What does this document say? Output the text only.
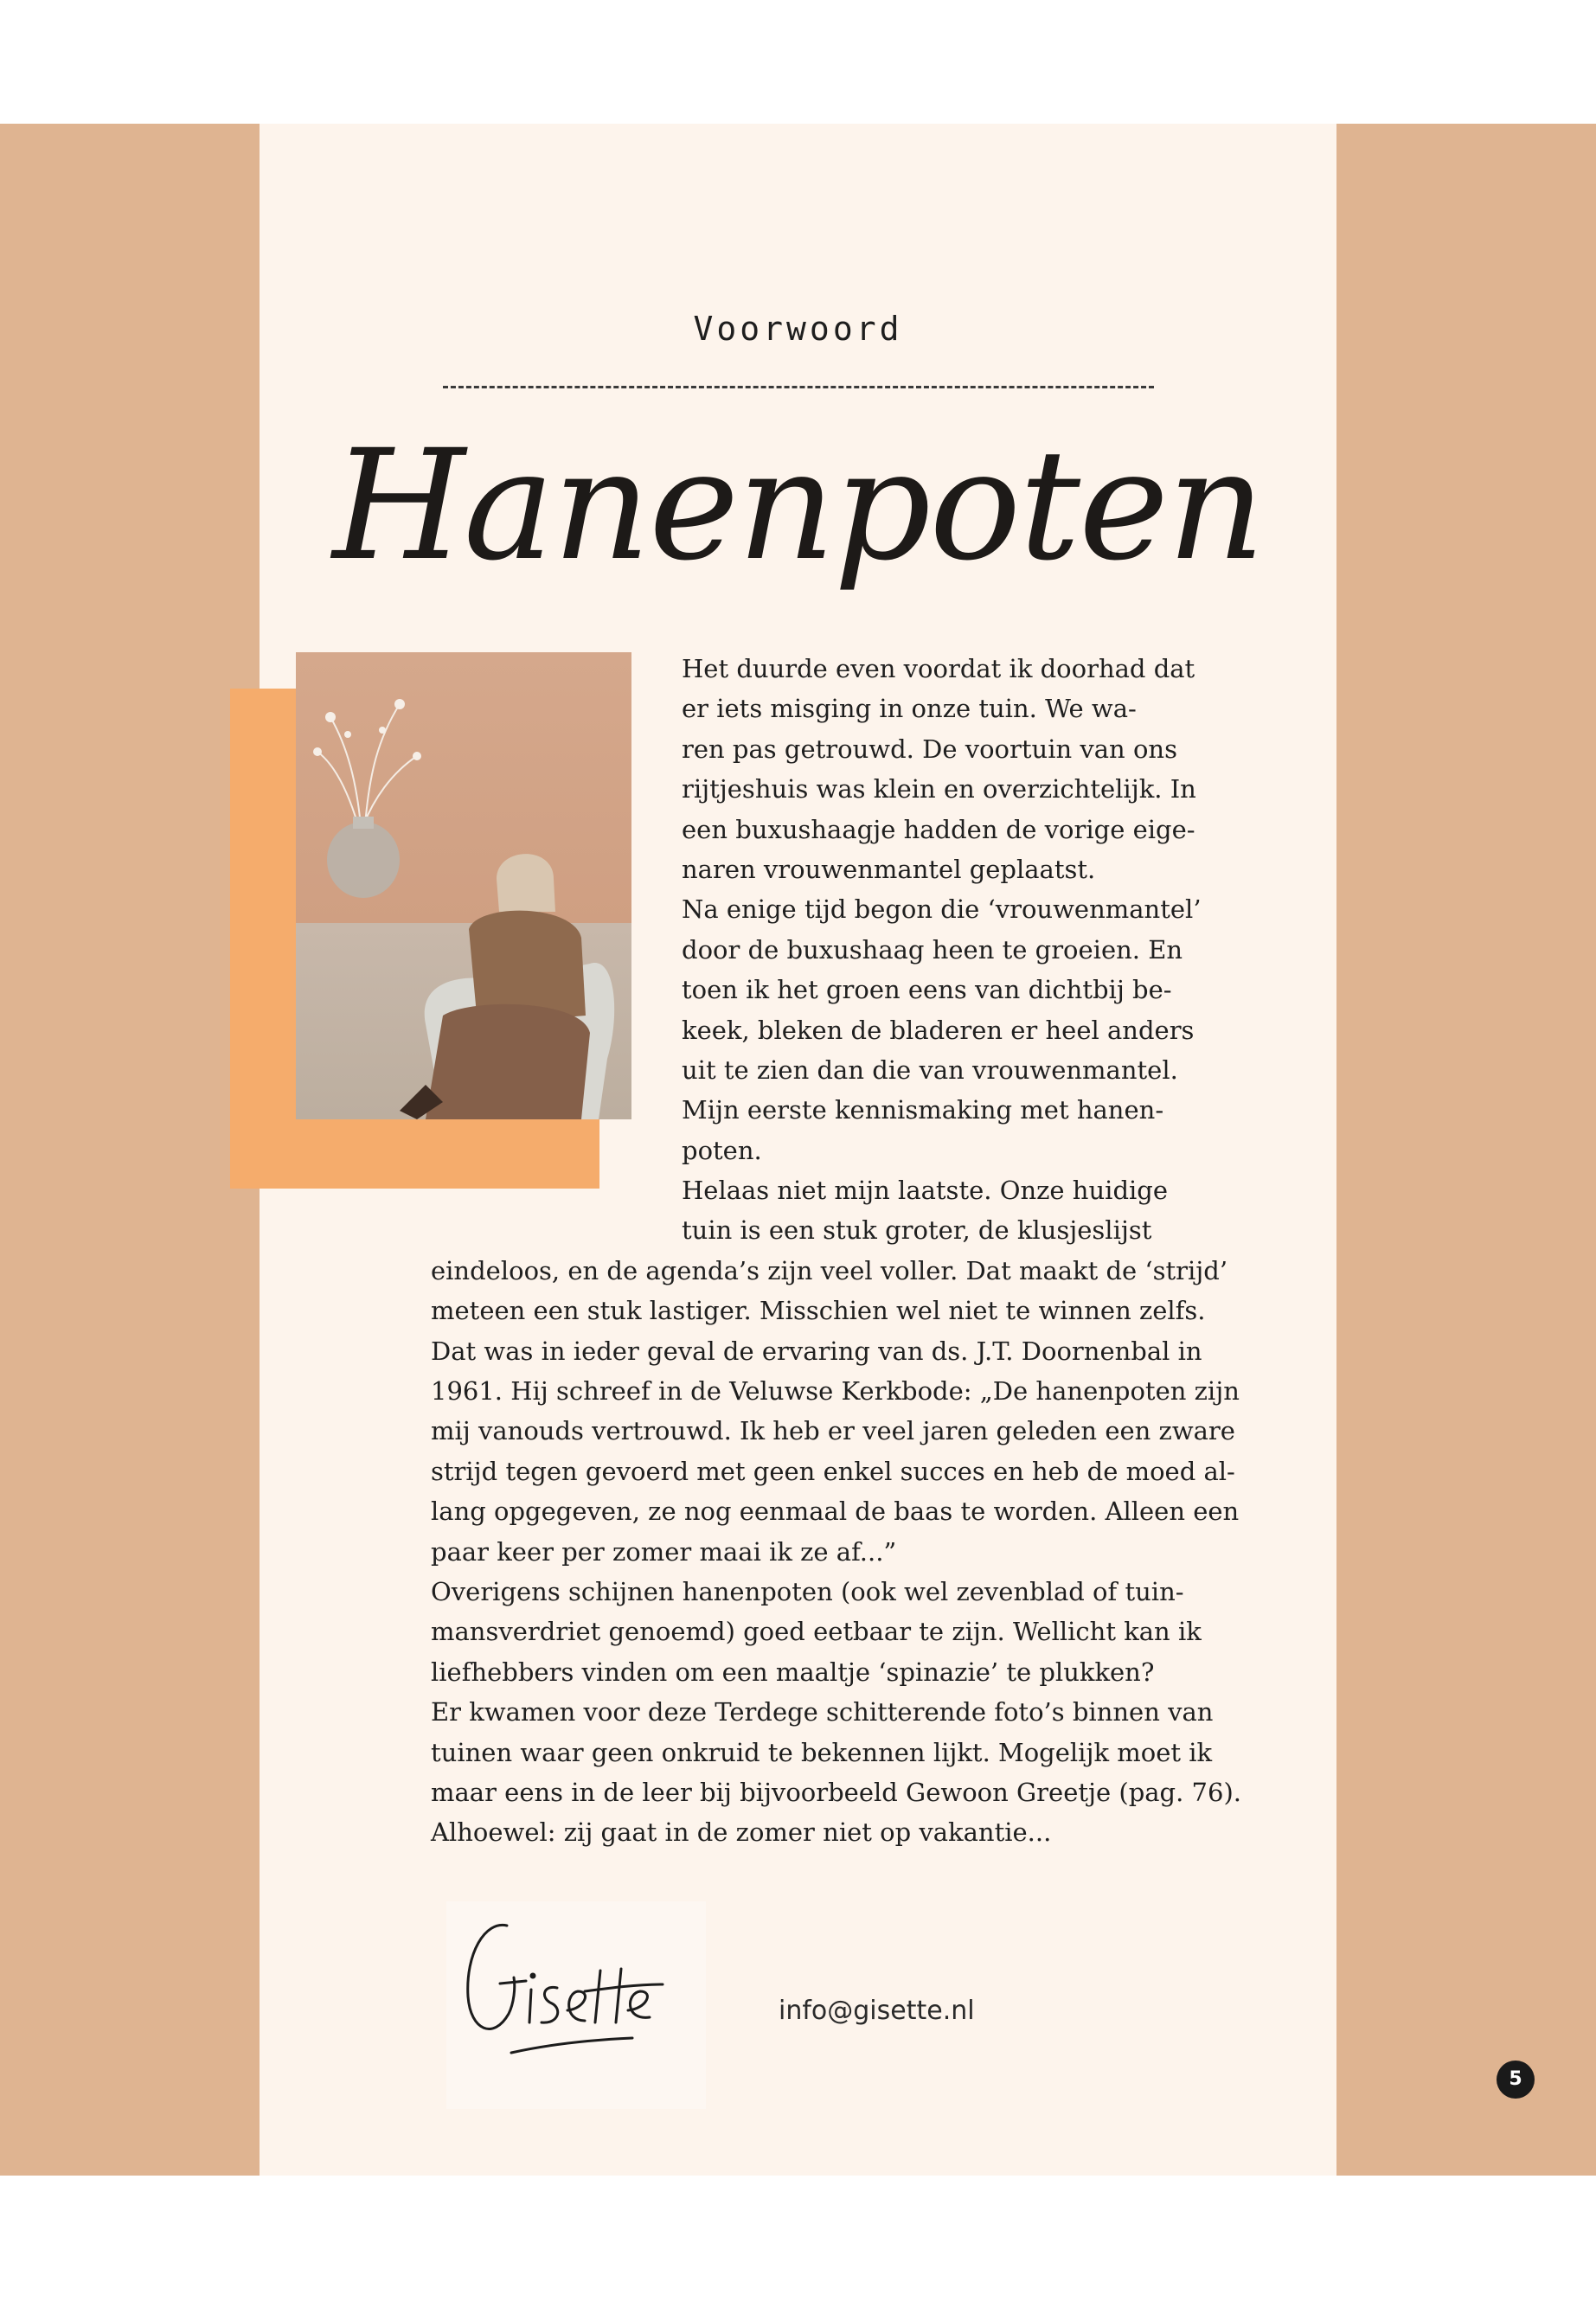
Voorwoord
Hanenpoten
Het duurde even voordat ik doorhad dat
er iets misging in onze tuin. We wa-
ren pas getrouwd. De voortuin van ons
rijtjeshuis was klein en overzichtelijk. In
een buxushaagje hadden de vorige eige-
naren vrouwenmantel geplaatst.
Na enige tijd begon die ‘vrouwenmantel’
door de buxushaag heen te groeien. En
toen ik het groen eens van dichtbij be-
keek, bleken de bladeren er heel anders
uit te zien dan die van vrouwenmantel.
Mijn eerste kennismaking met hanen-
poten.
Helaas niet mijn laatste. Onze huidige
tuin is een stuk groter, de klusjeslijst
eindeloos, en de agenda’s zijn veel voller. Dat maakt de ‘strijd’
meteen een stuk lastiger. Misschien wel niet te winnen zelfs.
Dat was in ieder geval de ervaring van ds. J.T. Doornenbal in
1961. Hij schreef in de Veluwse Kerkbode: „De hanenpoten zijn
mij vanouds vertrouwd. Ik heb er veel jaren geleden een zware
strijd tegen gevoerd met geen enkel succes en heb de moed al-
lang opgegeven, ze nog eenmaal de baas te worden. Alleen een
paar keer per zomer maai ik ze af...”
Overigens schijnen hanenpoten (ook wel zevenblad of tuin-
mansverdriet genoemd) goed eetbaar te zijn. Wellicht kan ik
liefhebbers vinden om een maaltje ‘spinazie’ te plukken?
Er kwamen voor deze Terdege schitterende foto’s binnen van
tuinen waar geen onkruid te bekennen lijkt. Mogelijk moet ik
maar eens in de leer bij bijvoorbeeld Gewoon Greetje (pag. 76).
Alhoewel: zij gaat in de zomer niet op vakantie...
info@gisette.nl
5
